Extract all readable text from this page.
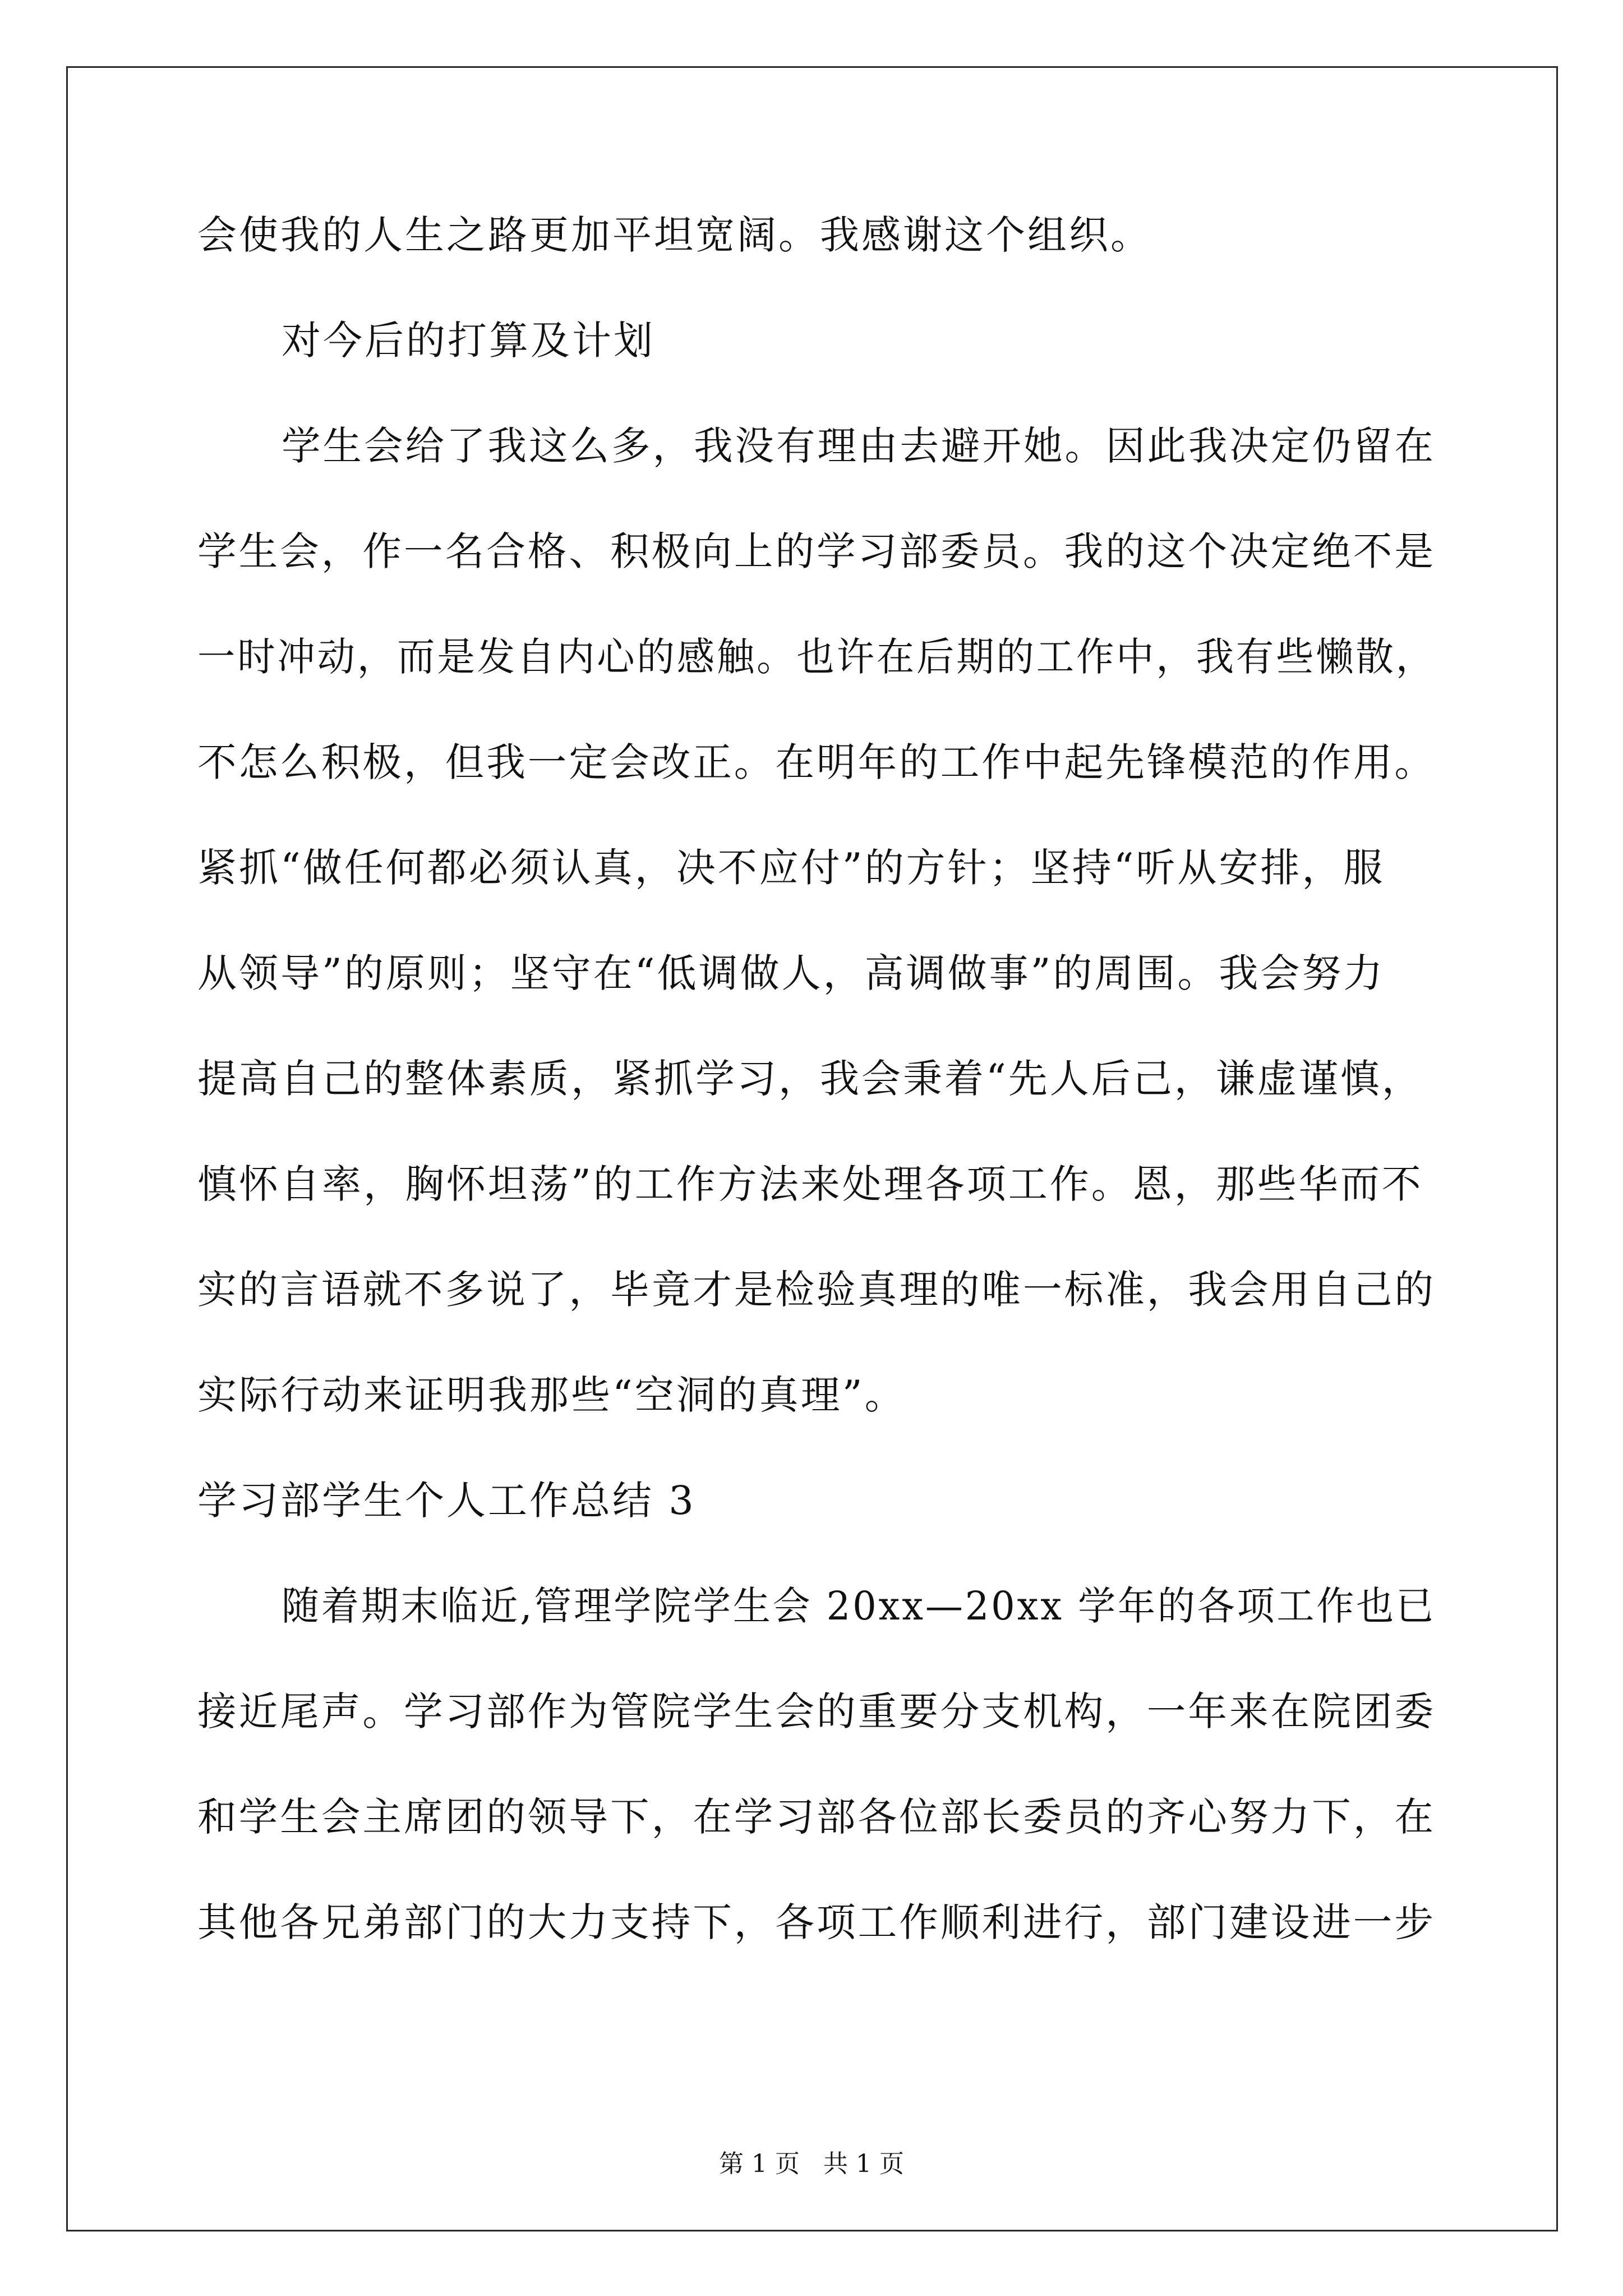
会使我的人生之路更加平坦宽阔。我感谢这个组织。
对今后的打算及计划
学生会给了我这么多，我没有理由去避开她。因此我决定仍留在
学生会，作一名合格、积极向上的学习部委员。我的这个决定绝不是
一时冲动，而是发自内心的感触。也许在后期的工作中，我有些懒散，
不怎么积极，但我一定会改正。在明年的工作中起先锋模范的作用。
紧抓“做任何都必须认真，决不应付”的方针；坚持“听从安排，服
从领导”的原则；坚守在“低调做人，高调做事”的周围。我会努力
提高自己的整体素质，紧抓学习，我会秉着“先人后己，谦虚谨慎，
慎怀自率，胸怀坦荡”的工作方法来处理各项工作。恩，那些华而不
实的言语就不多说了，毕竟才是检验真理的唯一标准，我会用自己的
实际行动来证明我那些“空洞的真理”。
学习部学生个人工作总结 3
随着期末临近,管理学院学生会 20xx—20xx 学年的各项工作也已
接近尾声。学习部作为管院学生会的重要分支机构，一年来在院团委
和学生会主席团的领导下，在学习部各位部长委员的齐心努力下，在
其他各兄弟部门的大力支持下，各项工作顺利进行，部门建设进一步
第 1 页   共 1 页
